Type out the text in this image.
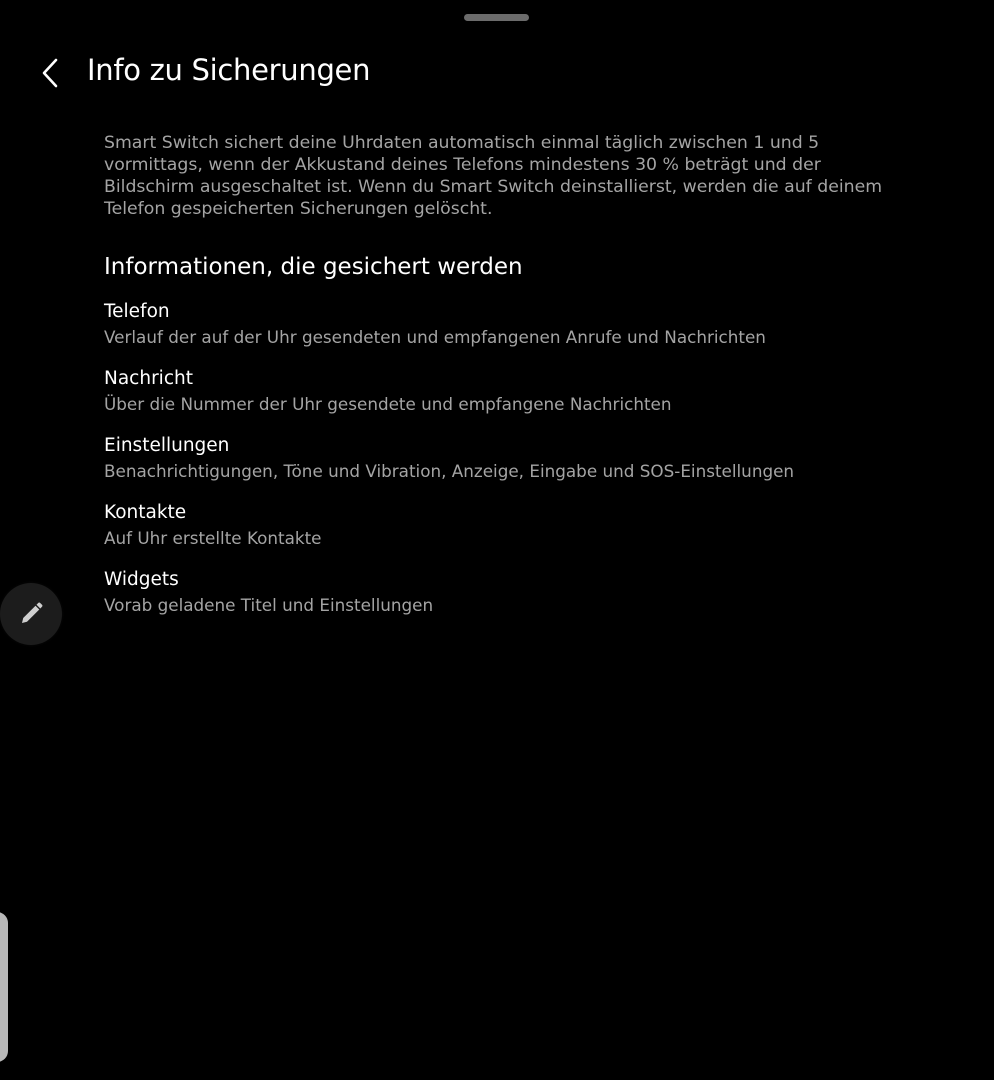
Info zu Sicherungen

Smart Switch sichert deine Uhrdaten automatisch einmal täglich zwischen 1 und 5 vormittags, wenn der Akkustand deines Telefons mindestens 30 % beträgt und der Bildschirm ausgeschaltet ist. Wenn du Smart Switch deinstallierst, werden die auf deinem Telefon gespeicherten Sicherungen gelöscht.

Informationen, die gesichert werden
Telefon
Verlauf der auf der Uhr gesendeten und empfangenen Anrufe und Nachrichten
Nachricht
Über die Nummer der Uhr gesendete und empfangene Nachrichten
Einstellungen
Benachrichtigungen, Töne und Vibration, Anzeige, Eingabe und SOS-Einstellungen
Kontakte
Auf Uhr erstellte Kontakte
Widgets
Vorab geladene Titel und Einstellungen
